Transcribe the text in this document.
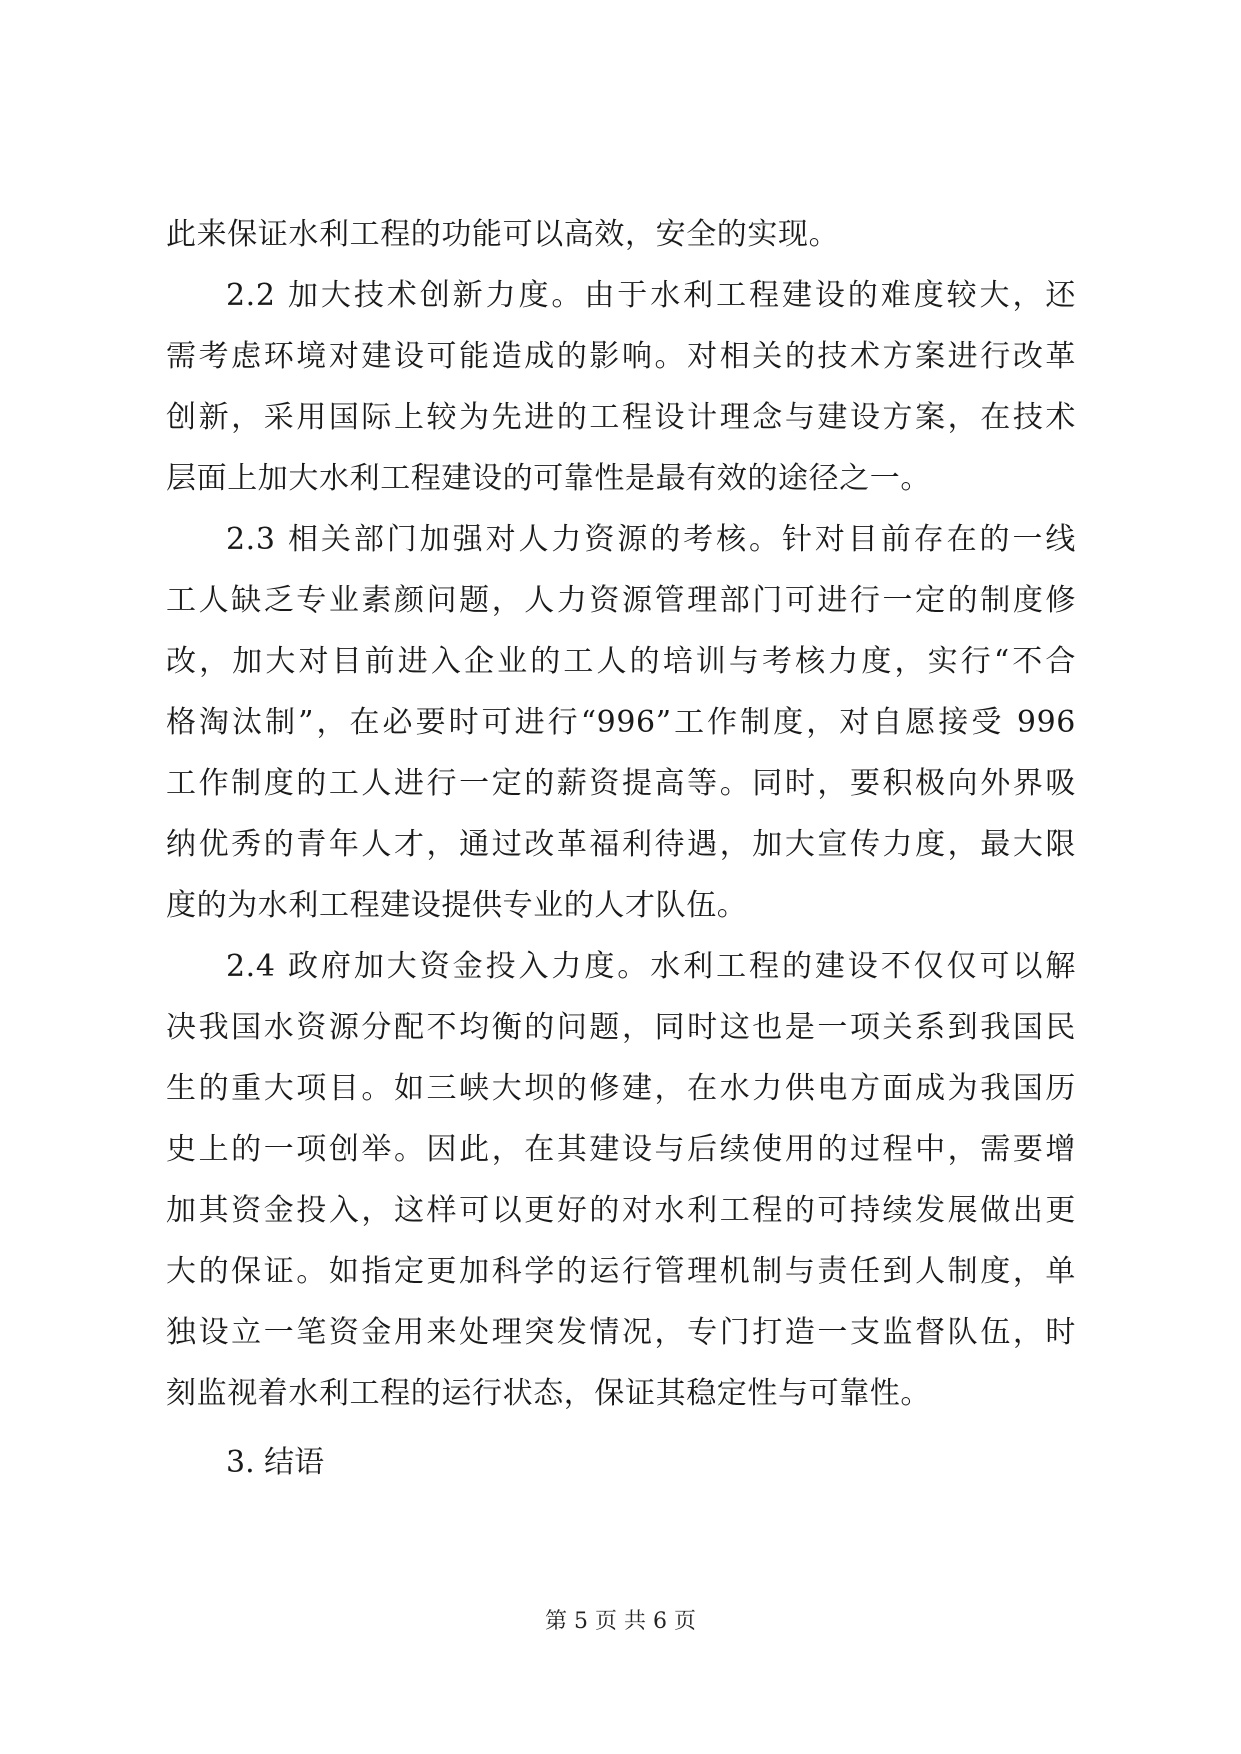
此来保证水利工程的功能可以高效，安全的实现。
2.2 加大技术创新力度。由于水利工程建设的难度较大，还
需考虑环境对建设可能造成的影响。对相关的技术方案进行改革
创新，采用国际上较为先进的工程设计理念与建设方案，在技术
层面上加大水利工程建设的可靠性是最有效的途径之一。
2.3 相关部门加强对人力资源的考核。针对目前存在的一线
工人缺乏专业素颜问题，人力资源管理部门可进行一定的制度修
改，加大对目前进入企业的工人的培训与考核力度，实行“不合
格淘汰制”，在必要时可进行“996”工作制度，对自愿接受 996
工作制度的工人进行一定的薪资提高等。同时，要积极向外界吸
纳优秀的青年人才，通过改革福利待遇，加大宣传力度，最大限
度的为水利工程建设提供专业的人才队伍。
2.4 政府加大资金投入力度。水利工程的建设不仅仅可以解
决我国水资源分配不均衡的问题，同时这也是一项关系到我国民
生的重大项目。如三峡大坝的修建，在水力供电方面成为我国历
史上的一项创举。因此，在其建设与后续使用的过程中，需要增
加其资金投入，这样可以更好的对水利工程的可持续发展做出更
大的保证。如指定更加科学的运行管理机制与责任到人制度，单
独设立一笔资金用来处理突发情况，专门打造一支监督队伍，时
刻监视着水利工程的运行状态，保证其稳定性与可靠性。
3. 结语
第 5 页 共 6 页
